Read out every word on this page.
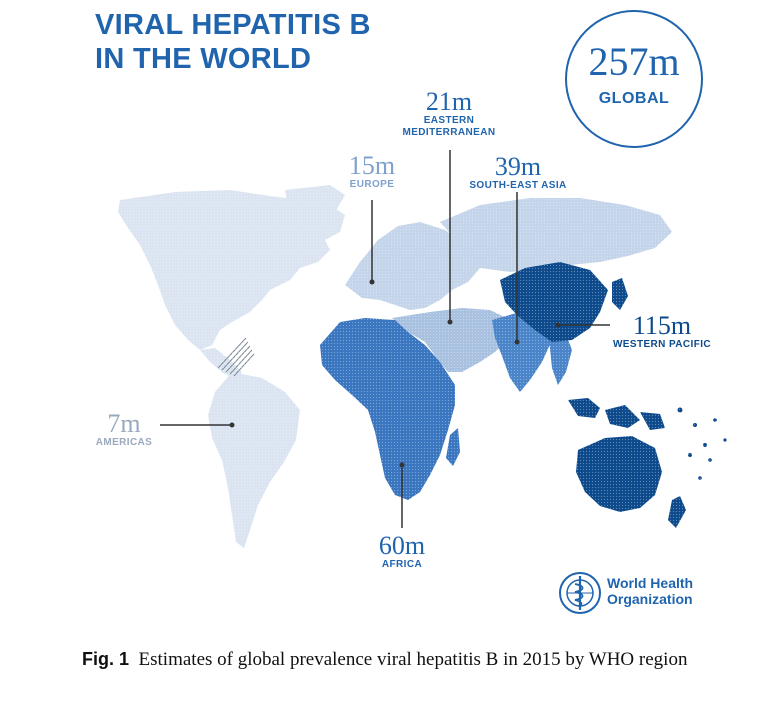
VIRAL HEPATITIS B
IN THE WORLD	257m
GLOBAL
21m
EASTERN
MEDITERRANEAN
15m
EUROPE
39m
SOUTH-EAST ASIA
115m
WESTERN PACIFIC
7m
AMERICAS
60m
AFRICA
World Health
Organization

Fig. 1 Estimates of global prevalence viral hepatitis B in 2015 by WHO region
